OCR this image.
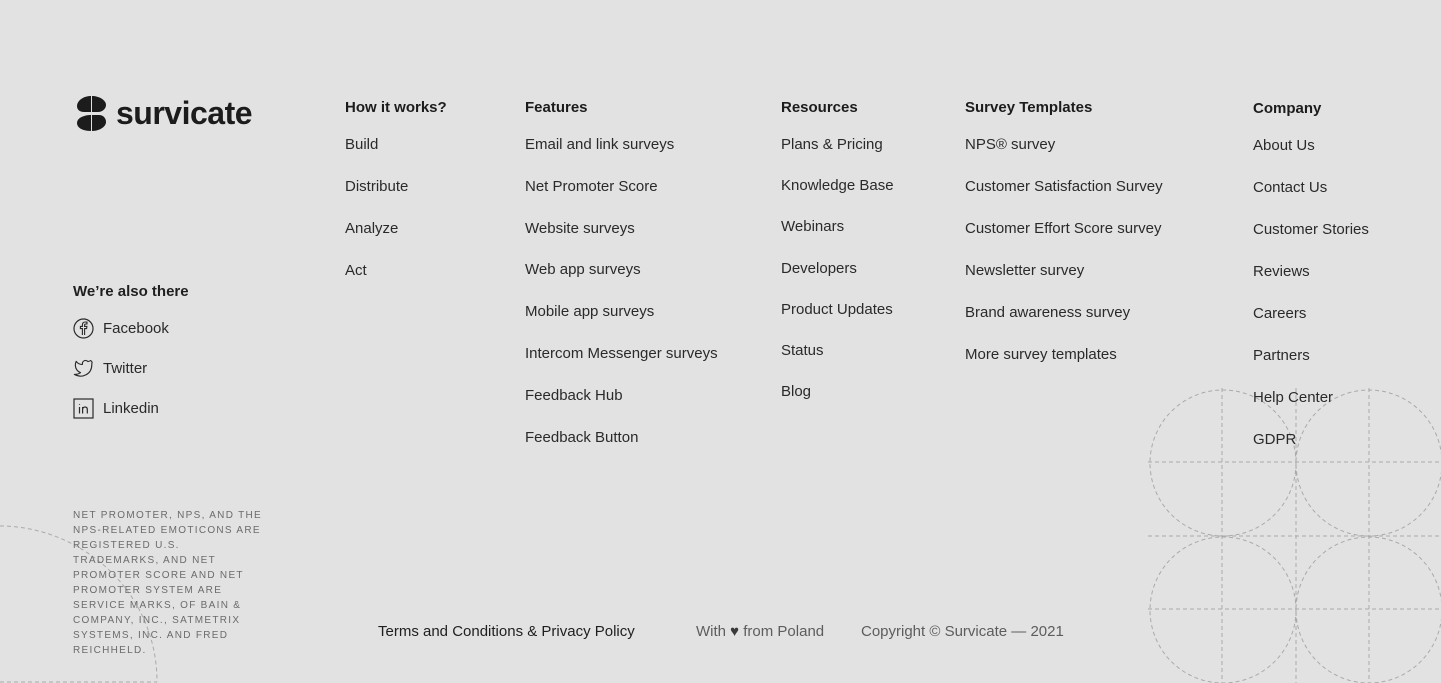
survicate	How it works?
Build
Distribute
Analyze
Act
Features
Email and link surveys
Net Promoter Score
Website surveys
Web app surveys
Mobile app surveys
Intercom Messenger surveys
Feedback Hub
Feedback Button
Resources
Plans & Pricing
Knowledge Base
Webinars
Developers
Product Updates
Status
Blog
Survey Templates
NPS® survey
Customer Satisfaction Survey
Customer Effort Score survey
Newsletter survey
Brand awareness survey
More survey templates
Company
About Us
Contact Us
Customer Stories
Reviews
Careers
Partners
Help Center
GDPR
We’re also there
Facebook
Twitter
Linkedin
NET PROMOTER, NPS, AND THE NPS-RELATED EMOTICONS ARE REGISTERED U.S. TRADEMARKS, AND NET PROMOTER SCORE AND NET PROMOTER SYSTEM ARE SERVICE MARKS, OF BAIN & COMPANY, INC., SATMETRIX SYSTEMS, INC. AND FRED REICHHELD.
Terms and Conditions & Privacy Policy	With ♥ from Poland Copyright © Survicate — 2021
